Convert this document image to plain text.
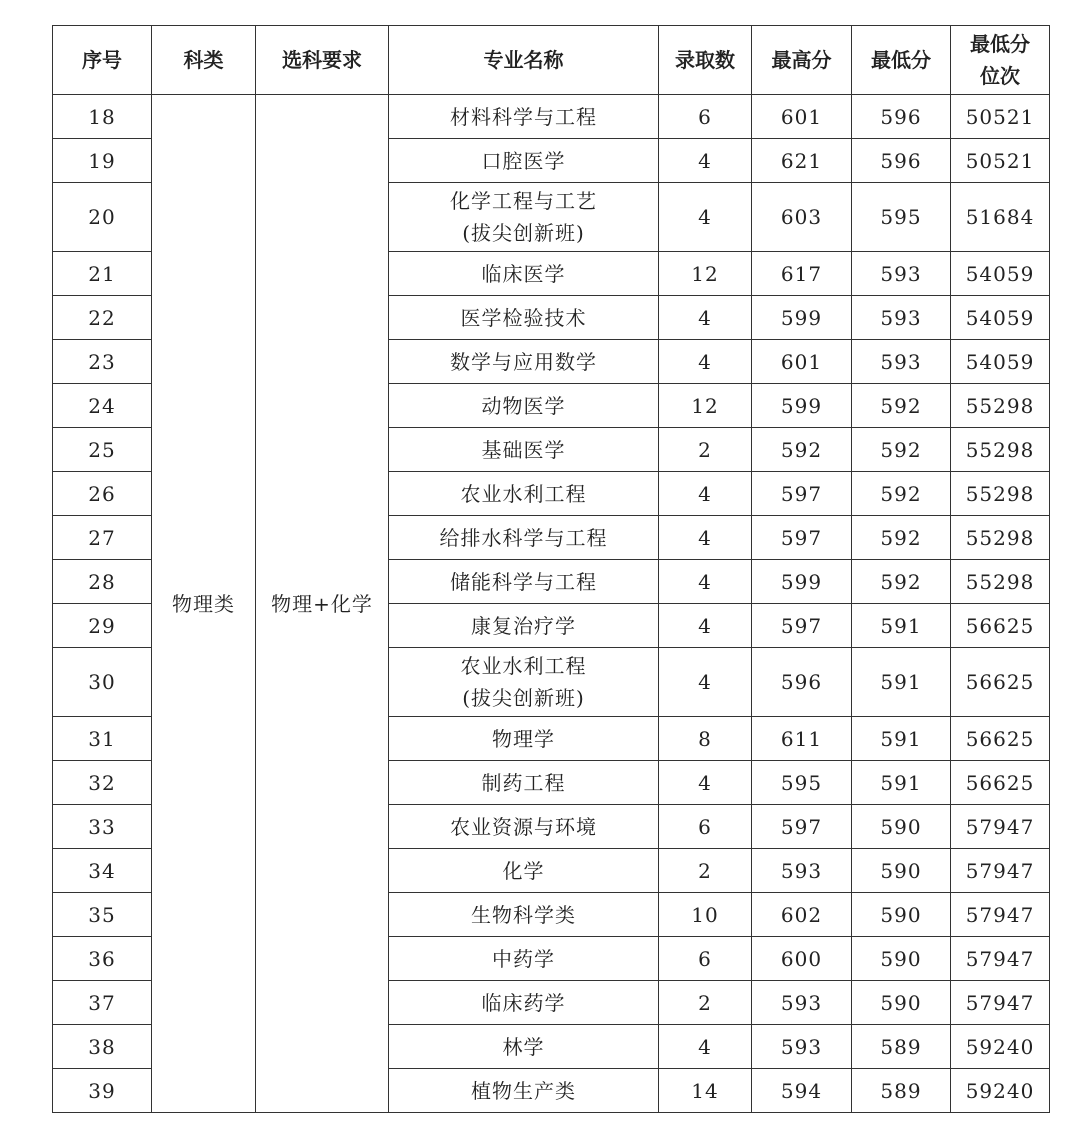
序号	科类	选科要求	专业名称	录取数	最高分	最低分	最低分
位次

18	物理类	物理+化学	材料科学与工程	6	601	596	50521
19			口腔医学	4	621	596	50521
20			化学工程与工艺
(拔尖创新班)	4	603	595	51684
21			临床医学	12	617	593	54059
22			医学检验技术	4	599	593	54059
23			数学与应用数学	4	601	593	54059
24			动物医学	12	599	592	55298
25			基础医学	2	592	592	55298
26			农业水利工程	4	597	592	55298
27			给排水科学与工程	4	597	592	55298
28			储能科学与工程	4	599	592	55298
29			康复治疗学	4	597	591	56625
30			农业水利工程
(拔尖创新班)	4	596	591	56625
31			物理学	8	611	591	56625
32			制药工程	4	595	591	56625
33			农业资源与环境	6	597	590	57947
34			化学	2	593	590	57947
35			生物科学类	10	602	590	57947
36			中药学	6	600	590	57947
37			临床药学	2	593	590	57947
38			林学	4	593	589	59240
39			植物生产类	14	594	589	59240
